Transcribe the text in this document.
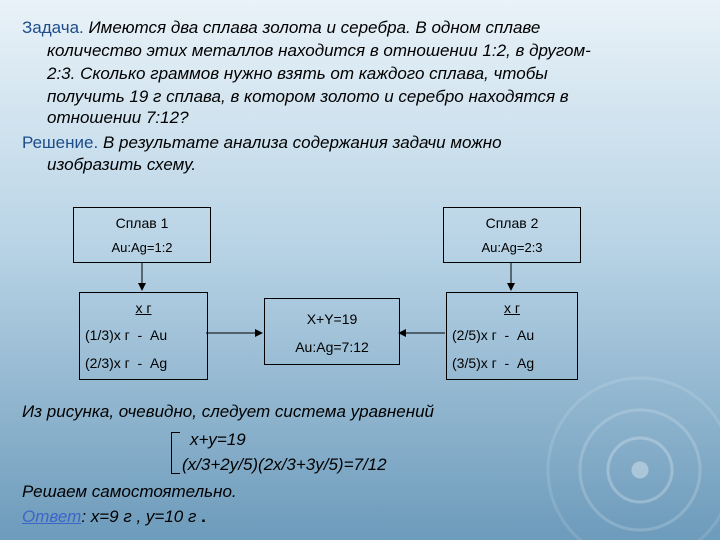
Задача. Имеются два сплава золота и серебра. В одном сплаве
количество этих металлов находится в отношении 1:2, в другом-
2:3. Сколько граммов нужно взять от каждого сплава, чтобы
получить 19 г сплава, в котором золото и серебро находятся в
отношении 7:12?
Решение. В результате анализа содержания задачи можно
изобразить схему.
Сплав 1
Au:Ag=1:2
Сплав 2
Au:Ag=2:3
х г
(1/3)х г  -  Au
(2/3)х г  -  Ag
Х+Y=19
Au:Ag=7:12
х г
(2/5)х г  -  Au
(3/5)х г  -  Ag
Из рисунка, очевидно, следует система уравнений
х+у=19
(х/3+2у/5)(2х/3+3у/5)=7/12
Решаем самостоятельно.
Ответ: х=9 г , у=10 г .
